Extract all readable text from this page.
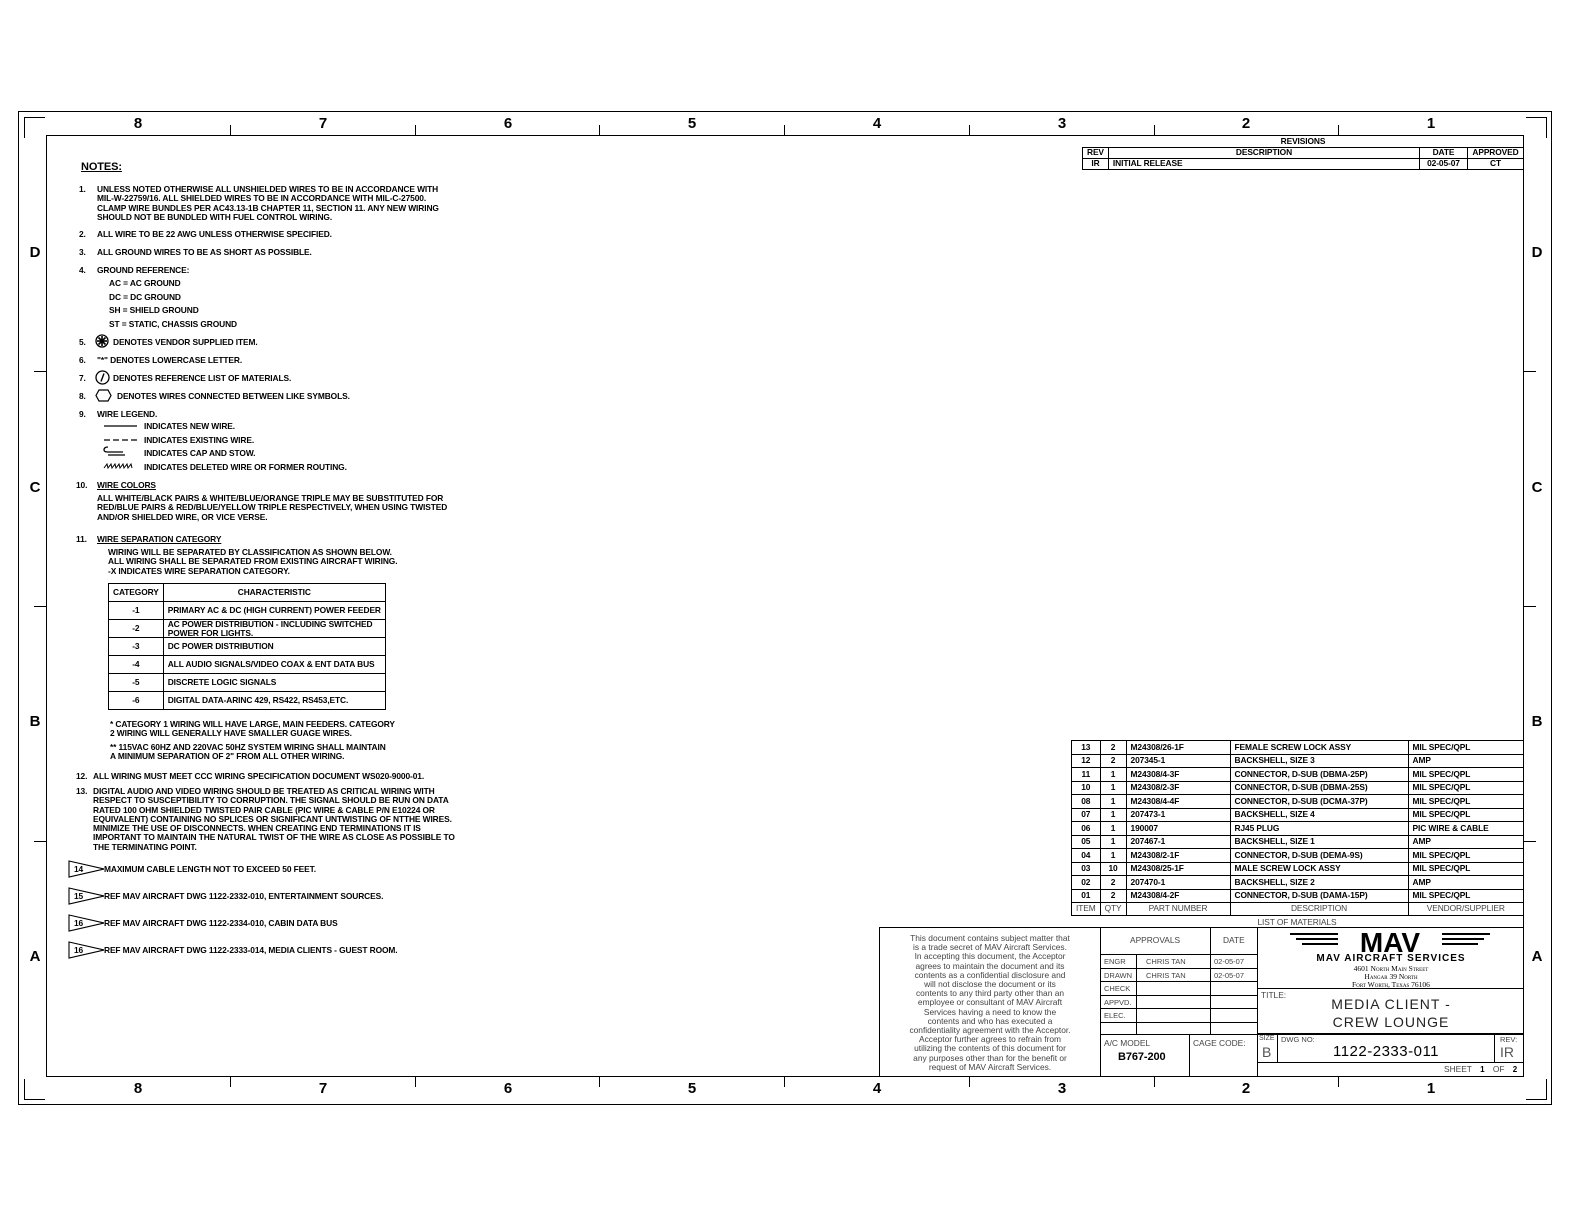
8	7	6	5	4	3	2	1
8	7	6	5	4	3	2	1
D
C
B
A
D
C
B
A
NOTES:
1.	UNLESS NOTED OTHERWISE ALL UNSHIELDED WIRES TO BE IN ACCORDANCE WITH
MIL-W-22759/16. ALL SHIELDED WIRES TO BE IN ACCORDANCE WITH MIL-C-27500.
CLAMP WIRE BUNDLES PER AC43.13-1B CHAPTER 11, SECTION 11. ANY NEW WIRING
SHOULD NOT BE BUNDLED WITH FUEL CONTROL WIRING.
2.	ALL WIRE TO BE 22 AWG UNLESS OTHERWISE SPECIFIED.
3.	ALL GROUND WIRES TO BE AS SHORT AS POSSIBLE.
4.	GROUND REFERENCE:
5.	DENOTES VENDOR SUPPLIED ITEM.
6.	"*" DENOTES LOWERCASE LETTER.
7.	DENOTES REFERENCE LIST OF MATERIALS.
8.	DENOTES WIRES CONNECTED BETWEEN LIKE SYMBOLS.
9.	WIRE LEGEND.
10.	WIRE COLORS
11.	WIRE SEPARATION CATEGORY
12. ALL WIRING MUST MEET CCC WIRING SPECIFICATION DOCUMENT WS020-9000-01.
13. DIGITAL AUDIO AND VIDEO WIRING SHOULD BE TREATED AS CRITICAL WIRING WITH
RESPECT TO SUSCEPTIBILITY TO CORRUPTION. THE SIGNAL SHOULD BE RUN ON DATA
RATED 100 OHM SHIELDED TWISTED PAIR CABLE (PIC WIRE & CABLE P/N E10224 OR
EQUIVALENT) CONTAINING NO SPLICES OR SIGNIFICANT UNTWISTING OF NTTHE WIRES.
MINIMIZE THE USE OF DISCONNECTS. WHEN CREATING END TERMINATIONS IT IS
IMPORTANT TO MAINTAIN THE NATURAL TWIST OF THE WIRE AS CLOSE AS POSSIBLE TO
THE TERMINATING POINT.
AC = AC GROUND
DC = DC GROUND
SH = SHIELD GROUND
ST = STATIC, CHASSIS GROUND
INDICATES NEW WIRE.
INDICATES EXISTING WIRE.
INDICATES CAP AND STOW.
INDICATES DELETED WIRE OR FORMER ROUTING.
ALL WHITE/BLACK PAIRS & WHITE/BLUE/ORANGE TRIPLE MAY BE SUBSTITUTED FOR
RED/BLUE PAIRS & RED/BLUE/YELLOW TRIPLE RESPECTIVELY, WHEN USING TWISTED
AND/OR SHIELDED WIRE, OR VICE VERSE.
WIRING WILL BE SEPARATED BY CLASSIFICATION AS SHOWN BELOW.
ALL WIRING SHALL BE SEPARATED FROM EXISTING AIRCRAFT WIRING.
-X INDICATES WIRE SEPARATION CATEGORY.
* CATEGORY 1 WIRING WILL HAVE LARGE, MAIN FEEDERS. CATEGORY
2 WIRING WILL GENERALLY HAVE SMALLER GUAGE WIRES.
** 115VAC 60HZ AND 220VAC 50HZ SYSTEM WIRING SHALL MAINTAIN
A MINIMUM SEPARATION OF 2" FROM ALL OTHER WIRING.
14 MAXIMUM CABLE LENGTH NOT TO EXCEED 50 FEET.
15 REF MAV AIRCRAFT DWG 1122-2332-010, ENTERTAINMENT SOURCES.
16 REF MAV AIRCRAFT DWG 1122-2334-010, CABIN DATA BUS
16 REF MAV AIRCRAFT DWG 1122-2333-014, MEDIA CLIENTS - GUEST ROOM.
CATEGORY	CHARACTERISTIC
-1	PRIMARY AC & DC (HIGH CURRENT) POWER FEEDER

-2	AC POWER DISTRIBUTION - INCLUDING SWITCHED
POWER FOR LIGHTS.

-3	DC POWER DISTRIBUTION

-4	ALL AUDIO SIGNALS/VIDEO COAX & ENT DATA BUS

-5	DISCRETE LOGIC SIGNALS

-6	DIGITAL DATA-ARINC 429, RS422, RS453,ETC.
REVISIONS			
REV	DESCRIPTION	DATE	APPROVED
IR	INITIAL RELEASE	02-05-07	CT
13	2	M24308/26-1F	FEMALE SCREW LOCK ASSY	MIL SPEC/QPL
12	2	207345-1	BACKSHELL, SIZE 3	AMP
11	1	M24308/4-3F	CONNECTOR, D-SUB (DBMA-25P)	MIL SPEC/QPL
10	1	M24308/2-3F	CONNECTOR, D-SUB (DBMA-25S)	MIL SPEC/QPL
08	1	M24308/4-4F	CONNECTOR, D-SUB (DCMA-37P)	MIL SPEC/QPL
07	1	207473-1	BACKSHELL, SIZE 4	MIL SPEC/QPL
06	1	190007	RJ45 PLUG	PIC WIRE & CABLE
05	1	207467-1	BACKSHELL, SIZE 1	AMP
04	1	M24308/2-1F	CONNECTOR, D-SUB (DEMA-9S)	MIL SPEC/QPL
03	10	M24308/25-1F	MALE SCREW LOCK ASSY	MIL SPEC/QPL
02	2	207470-1	BACKSHELL, SIZE 2	AMP
01	2	M24308/4-2F	CONNECTOR, D-SUB (DAMA-15P)	MIL SPEC/QPL
ITEM	QTY	PART NUMBER	DESCRIPTION	VENDOR/SUPPLIER
LIST OF MATERIALS				
This document contains subject matter that
is a trade secret of MAV Aircraft Services.
In accepting this document, the Acceptor
agrees to maintain the document and its
contents as a confidential disclosure and
will not disclose the document or its
contents to any third party other than an
employee or consultant of MAV Aircraft
Services having a need to know the
contents and who has executed a
confidentiality agreement with the Acceptor.
Acceptor further agrees to refrain from
utilizing the contents of this document for
any purposes other than for the benefit or
request of MAV Aircraft Services.
APPROVALS	DATE
ENGR	CHRIS TAN	02-05-07
DRAWN CHRIS TAN	02-05-07
CHECK
APPVD.
ELEC.
A/C MODEL
B767-200
CAGE CODE:
MAV
MAV AIRCRAFT SERVICES
4601 North Main Street
Hangar 39 North
Fort Worth, Texas 76106
TITLE:
MEDIA CLIENT -
CREW LOUNGE
SIZE
B
DWG NO:
1122-2333-011
REV:
IR
SHEET 1 OF 2
